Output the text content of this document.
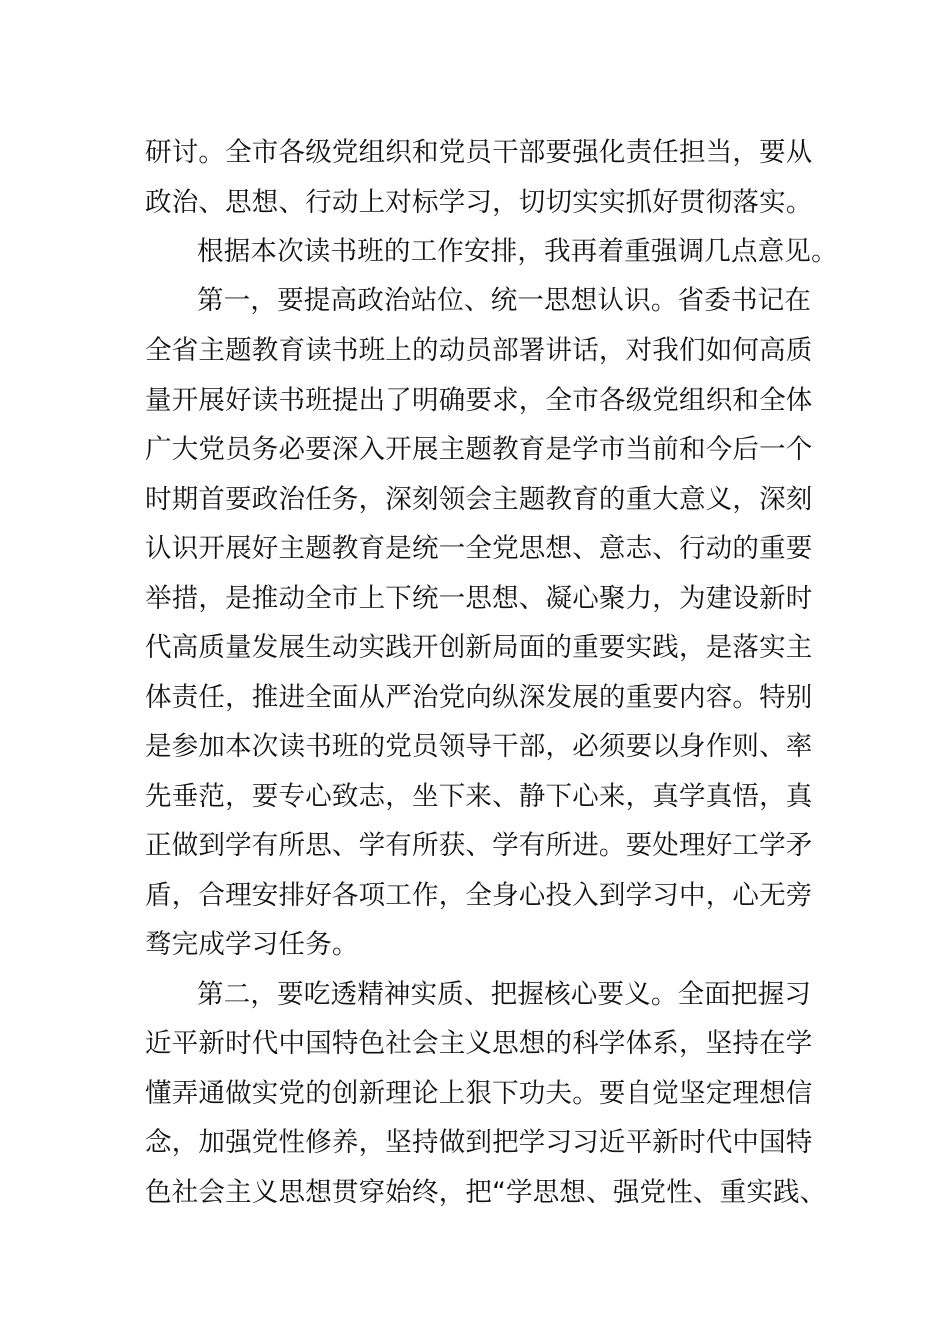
研讨。全市各级党组织和党员干部要强化责任担当，要从
政治、思想、行动上对标学习，切切实实抓好贯彻落实。
根据本次读书班的工作安排，我再着重强调几点意见。
第一，要提高政治站位、统一思想认识。省委书记在
全省主题教育读书班上的动员部署讲话，对我们如何高质
量开展好读书班提出了明确要求，全市各级党组织和全体
广大党员务必要深入开展主题教育是学市当前和今后一个
时期首要政治任务，深刻领会主题教育的重大意义，深刻
认识开展好主题教育是统一全党思想、意志、行动的重要
举措，是推动全市上下统一思想、凝心聚力，为建设新时
代高质量发展生动实践开创新局面的重要实践，是落实主
体责任，推进全面从严治党向纵深发展的重要内容。特别
是参加本次读书班的党员领导干部，必须要以身作则、率
先垂范，要专心致志，坐下来、静下心来，真学真悟，真
正做到学有所思、学有所获、学有所进。要处理好工学矛
盾，合理安排好各项工作，全身心投入到学习中，心无旁
骛完成学习任务。
第二，要吃透精神实质、把握核心要义。全面把握习
近平新时代中国特色社会主义思想的科学体系，坚持在学
懂弄通做实党的创新理论上狠下功夫。要自觉坚定理想信
念，加强党性修养，坚持做到把学习习近平新时代中国特
色社会主义思想贯穿始终，把“学思想、强党性、重实践、
